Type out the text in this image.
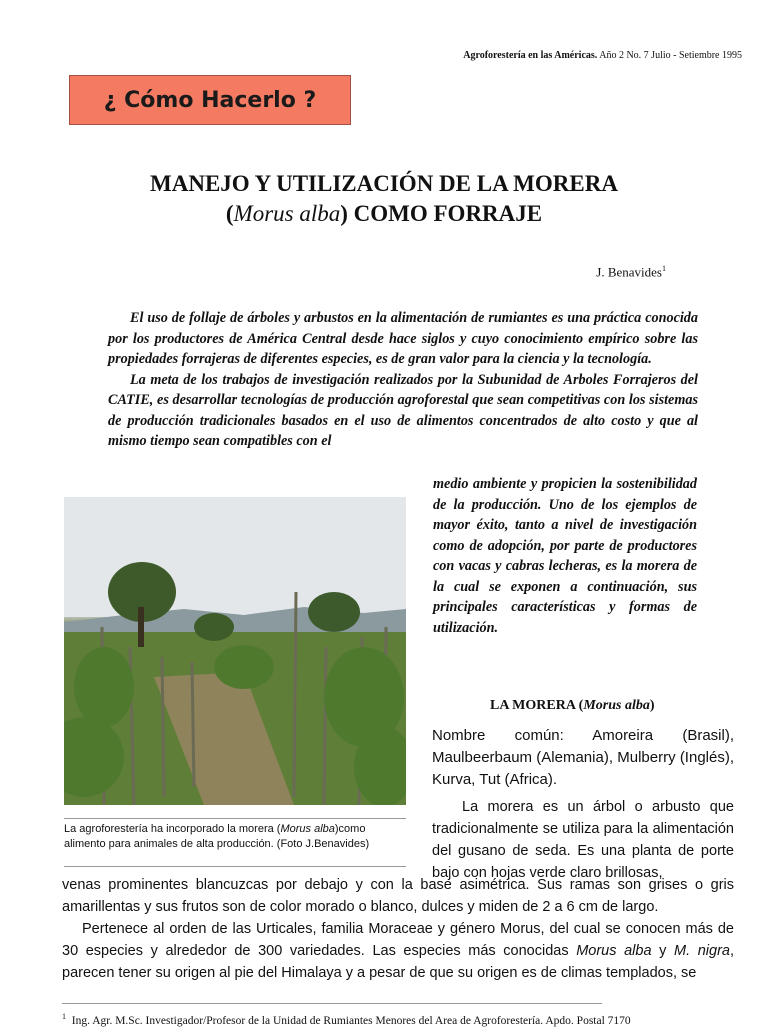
Agroforestería en las Américas. Año 2 No. 7 Julio - Setiembre 1995
¿ Cómo Hacerlo ?
MANEJO Y UTILIZACIÓN DE LA MORERA
(Morus alba) COMO FORRAJE
J. Benavides$^1$

El uso de follaje de árboles y arbustos en la alimentación de rumiantes es una práctica conocida por los productores de América Central desde hace siglos y cuyo conocimiento empírico sobre las propiedades forrajeras de diferentes especies, es de gran valor para la ciencia y la tecnología.

La meta de los trabajos de investigación realizados por la Subunidad de Arboles Forrajeros del CATIE, es desarrollar tecnologías de producción agroforestal que sean competitivas con los sistemas de producción tradicionales basados en el uso de alimentos concentrados de alto costo y que al mismo tiempo sean compatibles con el

medio ambiente y propicien la sostenibilidad de la producción. Uno de los ejemplos de mayor éxito, tanto a nivel de investigación como de adopción, por parte de productores con vacas y cabras lecheras, es la morera de la cual se exponen a continuación, sus principales características y formas de utilización.
La agroforestería ha incorporado la morera (Morus alba)como alimento para animales de alta producción. (Foto J.Benavides)
LA MORERA (Morus alba)
Nombre común: Amoreira (Brasil), Maulbeerbaum (Alemania), Mulberry (Inglés), Kurva, Tut (Africa).

La morera es un árbol o arbusto que tradicionalmente se utiliza para la alimentación del gusano de seda. Es una planta de porte bajo con hojas verde claro brillosas,

venas prominentes blancuzcas por debajo y con la base asimétrica. Sus ramas son grises o gris amarillentas y sus frutos son de color morado o blanco, dulces y miden de 2 a 6 cm de largo.

Pertenece al orden de las Urticales, familia Moraceae y género Morus, del cual se conocen más de 30 especies y alrededor de 300 variedades. Las especies más conocidas Morus alba y M. nigra, parecen tener su origen al pie del Himalaya y a pesar de que su origen es de climas templados, se

$^1$ Ing. Agr. M.Sc. Investigador/Profesor de la Unidad de Rumiantes Menores del Area de Agroforestería. Apdo. Postal 7170
